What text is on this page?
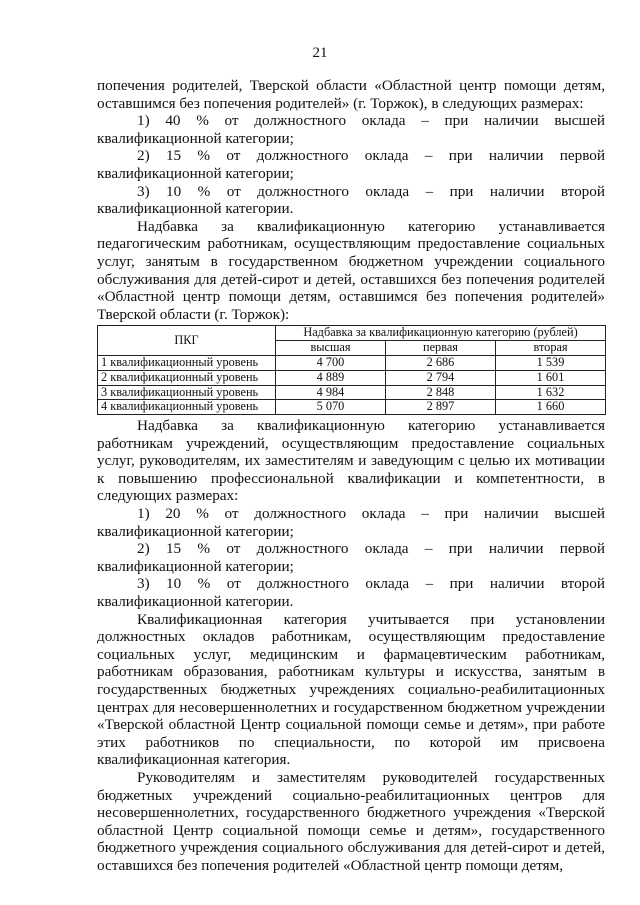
21

попечения родителей, Тверской области «Областной центр помощи детям, оставшимся без попечения родителей» (г. Торжок), в следующих размерах:

1) 40 % от должностного оклада – при наличии высшей

квалификационной категории;

2) 15 % от должностного оклада – при наличии первой

квалификационной категории;

3) 10 % от должностного оклада – при наличии второй

квалификационной категории.

Надбавка за квалификационную категорию устанавливается педагогическим работникам, осуществляющим предоставление социальных услуг, занятым в государственном бюджетном учреждении социального обслуживания для детей-сирот и детей, оставшихся без попечения родителей «Областной центр помощи детям, оставшимся без попечения родителей» Тверской области (г. Торжок):

ПКГ	Надбавка за квалификационную категорию (рублей)		
	высшая	первая	вторая
1 квалификационный уровень	4 700	2 686	1 539
2 квалификационный уровень	4 889	2 794	1 601
3 квалификационный уровень	4 984	2 848	1 632
4 квалификационный уровень	5 070	2 897	1 660

Надбавка за квалификационную категорию устанавливается работникам учреждений, осуществляющим предоставление социальных услуг, руководителям, их заместителям и заведующим с целью их мотивации к повышению профессиональной квалификации и компетентности, в следующих размерах:

1) 20 % от должностного оклада – при наличии высшей

квалификационной категории;

2) 15 % от должностного оклада – при наличии первой

квалификационной категории;

3) 10 % от должностного оклада – при наличии второй

квалификационной категории.

Квалификационная категория учитывается при установлении должностных окладов работникам, осуществляющим предоставление социальных услуг, медицинским и фармацевтическим работникам, работникам образования, работникам культуры и искусства, занятым в государственных бюджетных учреждениях социально-реабилитационных центрах для несовершеннолетних и государственном бюджетном учреждении «Тверской областной Центр социальной помощи семье и детям», при работе этих работников по специальности, по которой им присвоена квалификационная категория.

Руководителям и заместителям руководителей государственных бюджетных учреждений социально-реабилитационных центров для несовершеннолетних, государственного бюджетного учреждения «Тверской областной Центр социальной помощи семье и детям», государственного бюджетного учреждения социального обслуживания для детей-сирот и детей, оставшихся без попечения родителей «Областной центр помощи детям,
